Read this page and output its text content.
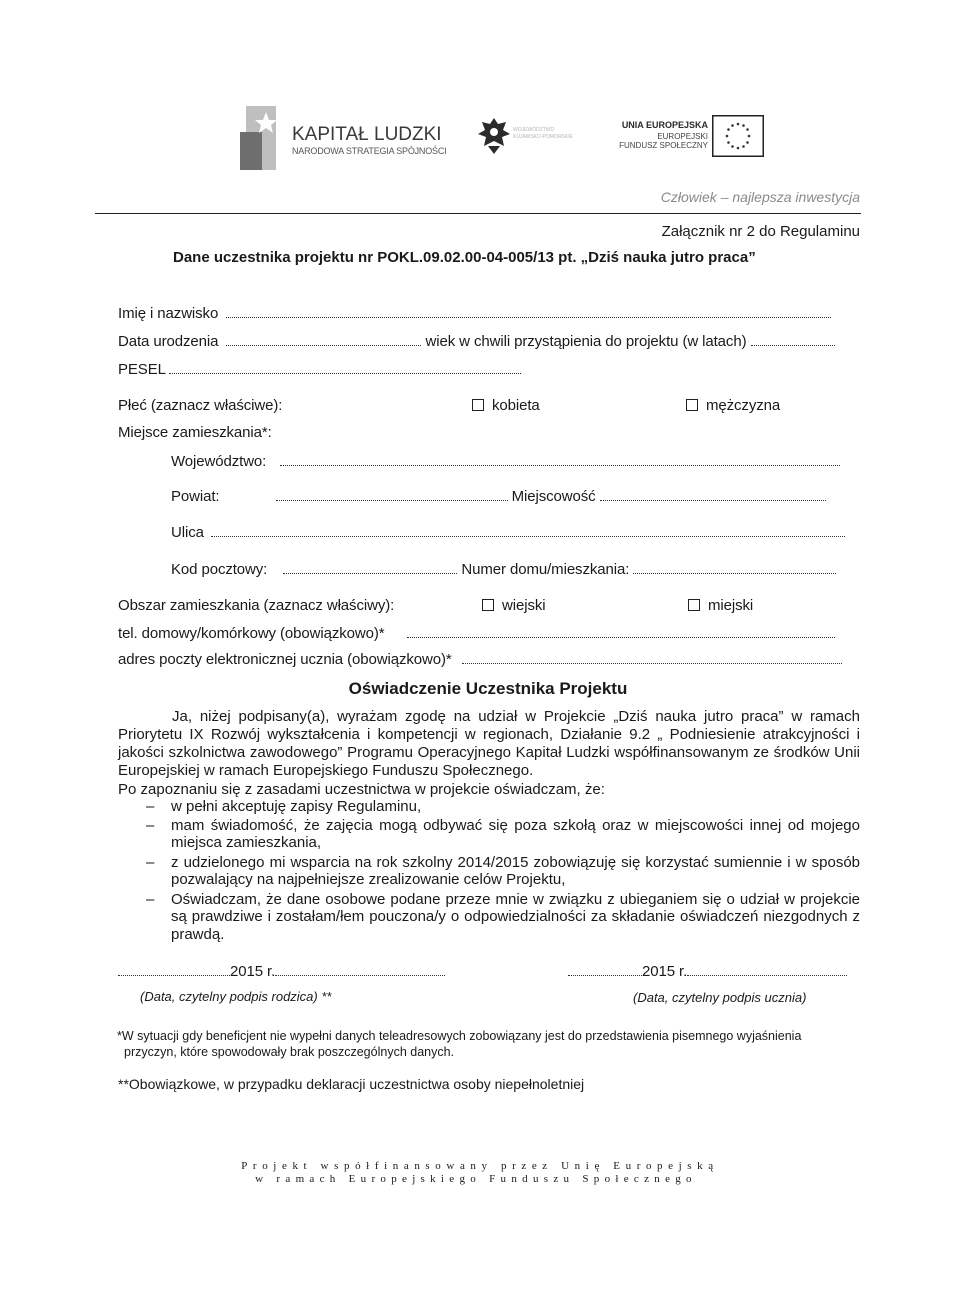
KAPITAŁ LUDZKI
NARODOWA STRATEGIA SPÓJNOŚCI
WOJEWÓDZTWO KUJAWSKO-POMORSKIE
UNIA EUROPEJSKA
EUROPEJSKI
FUNDUSZ SPOŁECZNY
Człowiek – najlepsza inwestycja
Załącznik nr 2 do Regulaminu
Dane uczestnika projektu nr POKL.09.02.00-04-005/13 pt. „Dziś nauka jutro praca”
Imię i nazwisko
Data urodzenia	wiek w chwili przystąpienia do projektu (w latach)
PESEL
Płeć (zaznacz właściwe):	kobieta	mężczyzna
Miejsce zamieszkania*:
Województwo:
Powiat:	Miejscowość
Ulica
Kod pocztowy:	Numer domu/mieszkania:
Obszar zamieszkania (zaznacz właściwy):	wiejski	miejski
tel. domowy/komórkowy (obowiązkowo)*
adres poczty elektronicznej ucznia (obowiązkowo)*
Oświadczenie Uczestnika Projektu
Ja, niżej podpisany(a), wyrażam zgodę na udział w Projekcie „Dziś nauka jutro praca” w ramach Priorytetu IX Rozwój wykształcenia i kompetencji w regionach, Działanie 9.2 „ Podniesienie atrakcyjności i jakości szkolnictwa zawodowego” Programu Operacyjnego Kapitał Ludzki współfinansowanym ze środków Unii Europejskiej w ramach Europejskiego Funduszu Społecznego.
Po zapoznaniu się z zasadami uczestnictwa w projekcie oświadczam, że:
– w pełni akceptuję zapisy Regulaminu,
– mam świadomość, że zajęcia mogą odbywać się poza szkołą oraz w miejscowości innej od mojego miejsca zamieszkania,
– z udzielonego mi wsparcia na rok szkolny 2014/2015 zobowiązuję się korzystać sumiennie i w sposób pozwalający na najpełniejsze zrealizowanie celów Projektu,
– Oświadczam, że dane osobowe podane przeze mnie w związku z ubieganiem się o udział w projekcie są prawdziwe i zostałam/łem pouczona/y o odpowiedzialności za składanie oświadczeń niezgodnych z prawdą.
2015 r.	2015 r.
(Data, czytelny podpis rodzica) **	(Data, czytelny podpis ucznia)
*W sytuacji gdy beneficjent nie wypełni danych teleadresowych zobowiązany jest do przedstawienia pisemnego wyjaśnienia
przyczyn, które spowodowały brak poszczególnych danych.
**Obowiązkowe, w przypadku deklaracji uczestnictwa osoby niepełnoletniej
Projekt współfinansowany przez Unię Europejską
w ramach Europejskiego Funduszu Społecznego
